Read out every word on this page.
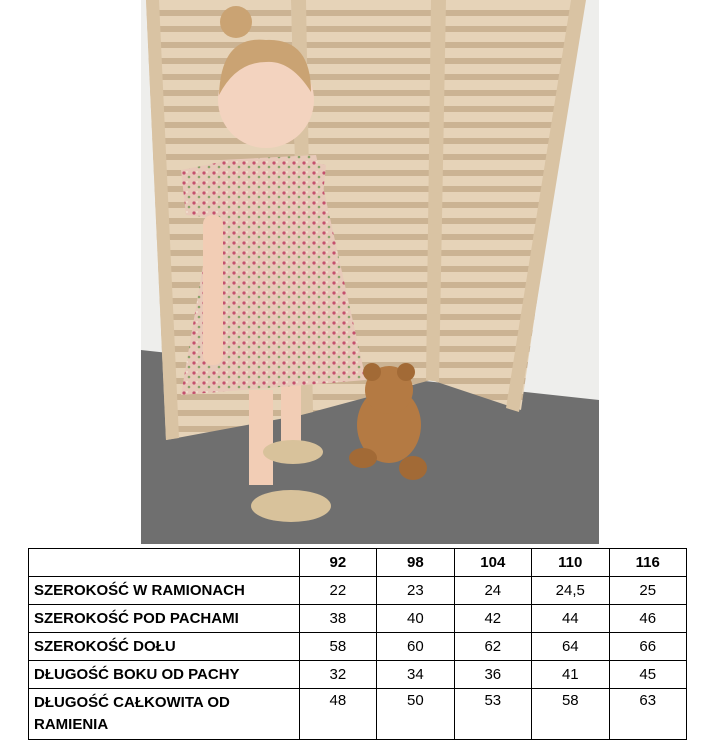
	92	98	104	110	116
SZEROKOŚĆ W RAMIONACH	22	23	24	24,5	25
SZEROKOŚĆ POD PACHAMI	38	40	42	44	46
SZEROKOŚĆ DOŁU	58	60	62	64	66
DŁUGOŚĆ BOKU OD PACHY	32	34	36	41	45
DŁUGOŚĆ CAŁKOWITA OD RAMIENIA	48	50	53	58	63
